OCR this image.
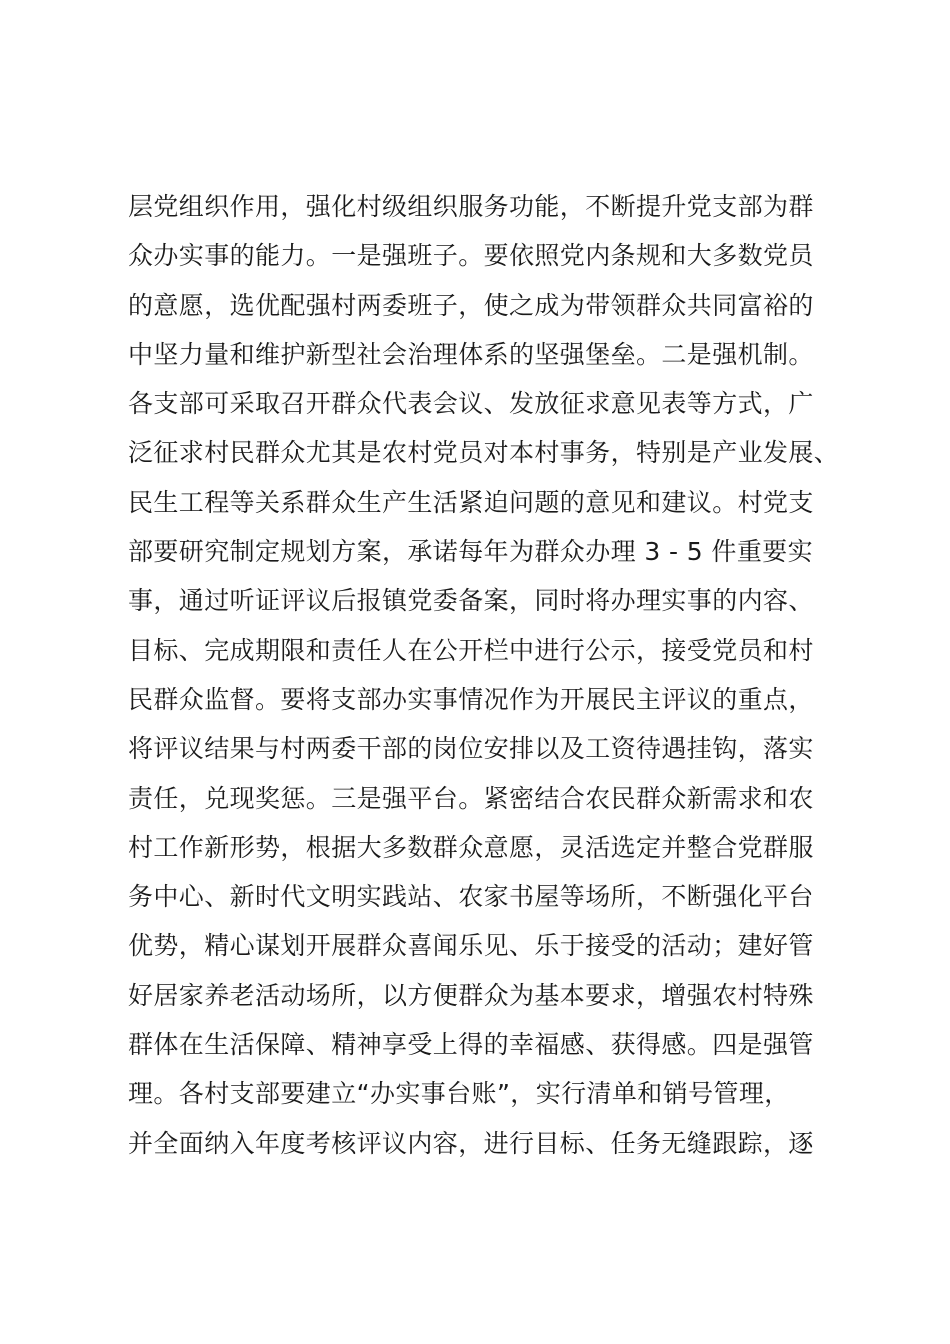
层党组织作用，强化村级组织服务功能，不断提升党支部为群
众办实事的能力。一是强班子。要依照党内条规和大多数党员
的意愿，选优配强村两委班子，使之成为带领群众共同富裕的
中坚力量和维护新型社会治理体系的坚强堡垒。二是强机制。
各支部可采取召开群众代表会议、发放征求意见表等方式，广
泛征求村民群众尤其是农村党员对本村事务，特别是产业发展、
民生工程等关系群众生产生活紧迫问题的意见和建议。村党支
部要研究制定规划方案，承诺每年为群众办理 3 - 5 件重要实
事，通过听证评议后报镇党委备案，同时将办理实事的内容、
目标、完成期限和责任人在公开栏中进行公示，接受党员和村
民群众监督。要将支部办实事情况作为开展民主评议的重点，
将评议结果与村两委干部的岗位安排以及工资待遇挂钩，落实
责任，兑现奖惩。三是强平台。紧密结合农民群众新需求和农
村工作新形势，根据大多数群众意愿，灵活选定并整合党群服
务中心、新时代文明实践站、农家书屋等场所，不断强化平台
优势，精心谋划开展群众喜闻乐见、乐于接受的活动；建好管
好居家养老活动场所，以方便群众为基本要求，增强农村特殊
群体在生活保障、精神享受上得的幸福感、获得感。四是强管
理。各村支部要建立“办实事台账”，实行清单和销号管理，
并全面纳入年度考核评议内容，进行目标、任务无缝跟踪，逐
